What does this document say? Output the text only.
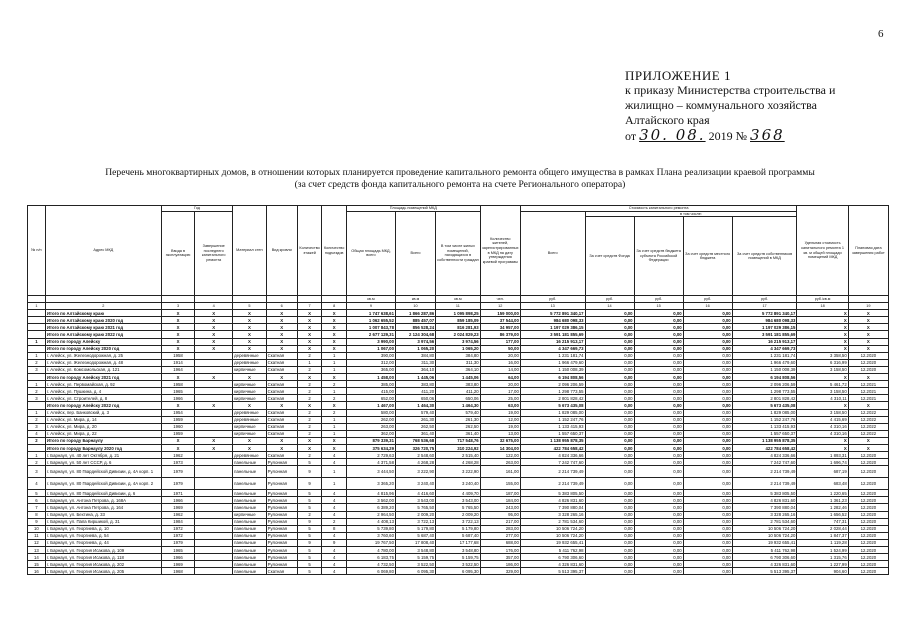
6
ПРИЛОЖЕНИЕ 1
к приказу Министерства строительства и
жилищно – коммунального хозяйства
Алтайского края
от 30. 08. 2019 № 368
Перечень многоквартирных домов, в отношении которых планируется проведение капитального ремонта общего имущества в рамках Плана реализации краевой программы
(за счет средств фонда капитального ремонта на счете Регионального оператора)
№ п/п	Адрес МКД	Год		Материал стен	Вид кровли	Количество этажей	Количество подъездов	Площадь помещений МКД			Количество жителей, зарегистрированных в МКД на дату утверждения краевой программы	Стоимость капитального ремонта					Удельная стоимость капитального ремонта 1 кв. м общей площади помещений МКД	Плановая дата завершения работ
		Ввода в эксплуатацию	Завершение последнего капитального ремонта					Общая площадь МКД, всего	Всего	В том числе жилых помещений, находящихся в собственности граждан		Всего	в том числе:					
													За счет средств Фонда	За счет средств бюджета субъекта Российской Федерации	За счет средств местного бюджета	За счет средств собственников помещений в МКД		
								кв.м	кв.м	кв.м	чел.	руб.	руб.	руб.	руб.	руб.	руб./кв.м	
1	2	3	4	5	6	7	8	9	10	11	12	13	14	15	16	17	18	19
	Итого по Алтайскому краю	X	X	X	X	X	X	1 747 638,61	1 866 287,86	1 095 898,25	159 000,00	5 772 891 340,17	0,00	0,00	0,00	5 772 891 340,17	X	X
	Итого по Алтайскому краю 2020 год	X	X	X	X	X	X	1 062 655,52	885 457,07	859 185,09	37 544,00	984 680 098,33	0,00	0,00	0,00	984 680 098,33	X	X
	Итого по Алтайскому краю 2021 год	X	X	X	X	X	X	1 007 843,78	856 528,24	816 281,93	34 957,00	1 197 029 386,15	0,00	0,00	0,00	1 197 029 386,15	X	X
	Итого по Алтайскому краю 2022 год	X	X	X	X	X	X	2 677 129,31	2 124 304,68	2 024 829,23	86 379,00	3 591 181 855,69	0,00	0,00	0,00	3 591 181 855,69	X	X
1	Итого по городу Алейску	X	X	X	X	X	X	3 990,00	3 974,56	3 974,56	177,00	16 215 913,17	0,00	0,00	0,00	16 215 913,17	X	X
	Итого по городу Алейску 2020 год	X	X	X	X	X	X	1 067,00	1 065,20	1 065,20	50,00	4 347 669,73	0,00	0,00	0,00	4 347 669,73	X	X
1	г. Алейск, ул. Железнодорожная, д. 25	1958		деревянные	Скатная	2	1	390,00	384,80	384,80	20,00	1 231 181,74	0,00	0,00	0,00	1 231 181,74	3 358,50	12.2020
2	г. Алейск, ул. Железнодорожная, д. 48	1914		деревянные	Скатная	1	1	312,00	311,30	311,30	16,00	1 966 479,60	0,00	0,00	0,00	1 966 479,60	6 316,99	12.2020
3	г. Алейск, ул. Комсомольская, д. 121	1964		кирпичные	Скатная	2	1	365,00	364,10	364,10	14,00	1 150 008,39	0,00	0,00	0,00	1 150 008,39	3 158,50	12.2020
	Итого по городу Алейску 2021 год	X	X	X	X	X	X	1 458,00	1 445,06	1 445,06	64,00	6 194 808,56	0,00	0,00	0,00	6 194 808,56	X	X
1	г. Алейск, ул. Первомайская, д. 92	1958		кирпичные	Скатная	2	2	385,00	383,80	383,80	20,00	2 096 206,59	0,00	0,00	0,00	2 096 206,59	5 461,72	12.2021
2	г. Алейск, ул. Пушкина, д. 4	1965		кирпичные	Скатная	2	1	415,00	411,20	411,20	17,00	1 298 773,55	0,00	0,00	0,00	1 298 773,55	3 158,50	12.2021
3	г. Алейск, ул. Строителей, д. 8	1966		кирпичные	Скатная	2	2	652,00	650,06	650,06	25,00	2 801 828,42	0,00	0,00	0,00	2 801 828,42	4 310,11	12.2021
	Итого по городу Алейску 2022 год	X	X	X	X	X	X	1 467,00	1 464,30	1 464,30	63,00	5 673 435,08	0,00	0,00	0,00	5 673 435,08	X	X
1	г. Алейск, пер. Банковский, д. 3	1954		деревянные	Скатная	2	2	580,00	579,40	579,40	19,00	1 829 085,00	0,00	0,00	0,00	1 829 085,00	3 158,50	12.2022
2	г. Алейск, ул. Мира, д. 14	1959		деревянные	Скатная	2	1	262,00	261,30	261,30	12,00	1 152 247,76	0,00	0,00	0,00	1 152 247,76	4 415,69	12.2022
3	г. Алейск, ул. Мира, д. 20	1960		кирпичные	Скатная	2	1	263,00	262,50	262,50	19,00	1 133 415,93	0,00	0,00	0,00	1 133 415,93	4 310,16	12.2022
4	г. Алейск, ул. Мира, д. 22	1959		кирпичные	Скатная	2	1	362,00	361,40	361,40	13,00	1 557 650,37	0,00	0,00	0,00	1 557 650,37	4 310,16	12.2022
2	Итого по городу Барнаулу	X	X	X	X	X	X	879 339,31	768 536,68	717 548,76	32 675,00	1 138 955 878,35	0,00	0,00	0,00	1 138 955 878,35	X	X
	Итого по городу Барнаулу 2020 год	X	X	X	X	X	X	375 634,29	326 720,75	310 224,92	14 304,00	422 784 658,42	0,00	0,00	0,00	422 784 658,42	X	X
1	г. Барнаул, ул. 40 лет Октября, д. 21	1962		деревянные	Скатная	2	4	2 729,63	2 548,60	2 515,40	122,00	4 824 336,66	0,00	0,00	0,00	4 824 336,66	1 893,31	12.2020
2	г. Барнаул, ул. 50 лет СССР, д. 6	1973		панельные	Рулонная	5	4	4 371,58	4 268,28	4 268,28	263,00	7 242 747,60	0,00	0,00	0,00	7 242 747,60	1 696,74	12.2020
3	г. Барнаул, ул. 80 Гвардейской Дивизии, д. 4А корп. 1	1979		панельные	Рулонная	9	1	3 444,50	3 222,90	3 222,90	161,00	2 214 739,49	0,00	0,00	0,00	2 214 739,49	687,19	12.2020
4	г. Барнаул, ул. 80 Гвардейской Дивизии, д. 4А корп. 2	1979		панельные	Рулонная	9	1	3 365,20	3 240,40	3 240,40	155,00	2 214 739,49	0,00	0,00	0,00	2 214 739,49	683,48	12.2020
5	г. Барнаул, ул. 80 Гвардейской Дивизии, д. 6	1971		панельные	Рулонная	5	4	4 815,96	4 416,60	4 409,70	187,00	5 383 805,50	0,00	0,00	0,00	5 383 805,50	1 220,65	12.2020
6	г. Барнаул, ул. Антона Петрова, д. 168А	1966		панельные	Рулонная	5	4	3 562,00	3 543,00	3 543,00	184,00	4 826 831,60	0,00	0,00	0,00	4 826 831,60	1 361,23	12.2020
7	г. Барнаул, ул. Антона Петрова, д. 164	1969		панельные	Рулонная	5	4	6 389,20	5 765,50	5 765,50	243,00	7 390 880,04	0,00	0,00	0,00	7 390 880,04	1 282,46	12.2020
8	г. Барнаул, ул. Бехтина, д. 33	1962		кирпичные	Рулонная	2	4	2 964,50	2 009,20	2 009,20	95,00	3 328 265,16	0,00	0,00	0,00	3 328 265,16	1 656,52	12.2020
9	г. Барнаул, ул. Папа Киршикой, д. 31	1984		панельные	Рулонная	9	2	4 408,13	3 722,13	3 722,13	217,00	2 781 534,60	0,00	0,00	0,00	2 781 534,60	747,31	12.2020
10	г. Барнаул, ул. Георгиева, д. 10	1972		панельные	Рулонная	5	8	5 739,80	5 179,80	5 179,80	283,00	10 506 724,20	0,00	0,00	0,00	10 506 724,20	2 028,44	12.2020
11	г. Барнаул, ул. Георгиева, д. 54	1972		панельные	Рулонная	5	4	3 760,60	5 687,40	5 687,40	277,00	10 506 724,20	0,00	0,00	0,00	10 506 724,20	1 847,37	12.2020
12	г. Барнаул, ул. Георгиева, д. 44	1979		панельные	Рулонная	9	9	19 767,50	17 808,40	17 177,68	688,00	19 932 655,41	0,00	0,00	0,00	19 932 655,41	1 119,28	12.2020
13	г. Барнаул, ул. Георгия Исакова, д. 109	1965		панельные	Рулонная	5	4	4 780,00	3 548,80	3 548,80	176,00	5 411 762,98	0,00	0,00	0,00	5 411 762,98	1 524,99	12.2020
14	г. Барнаул, ул. Георгия Исакова, д. 118	1966		панельные	Рулонная	5	4	6 183,75	5 159,75	5 159,75	357,00	6 790 306,60	0,00	0,00	0,00	6 790 306,60	1 315,76	12.2020
15	г. Барнаул, ул. Георгия Исакова, д. 202	1969		панельные	Рулонная	5	4	4 732,50	3 522,50	3 522,50	186,00	4 326 831,60	0,00	0,00	0,00	4 326 831,60	1 227,99	12.2020
16	г. Барнаул, ул. Георгия Исакова, д. 205	1968		панельные	Скатная	5	4	6 069,80	6 095,30	6 095,30	329,00	5 513 395,37	0,00	0,00	0,00	5 513 395,37	904,60	12.2020
